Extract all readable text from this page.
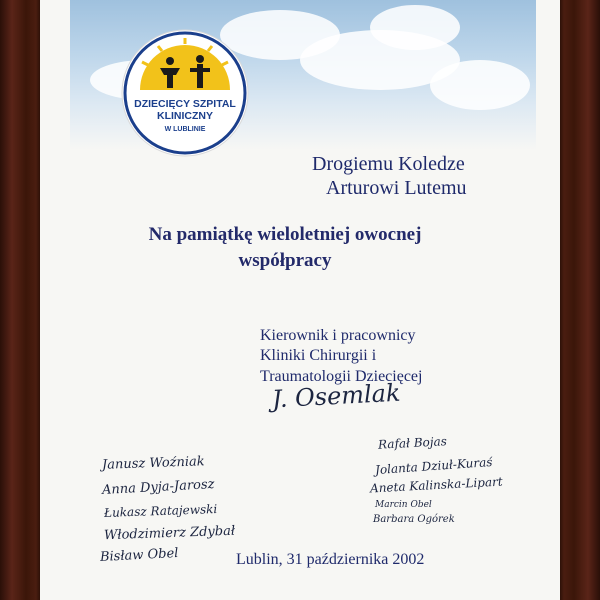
DZIECIĘCY SZPITAL
KLINICZNY
W LUBLINIE
Drogiemu Koledze
Arturowi Lutemu
Na pamiątkę wieloletniej owocnej
współpracy
Kierownik i pracownicy
Kliniki Chirurgii i
Traumatologii Dziecięcej
J. Osemlak
Janusz Woźniak
Anna Dyja-Jarosz
Łukasz Ratajewski
Włodzimierz Zdybał
Bisław Obel
Rafał Bojas
Jolanta Dziuł-Kuraś
Aneta Kalinska-Lipart
Marcin Obel
Barbara Ogórek
Lublin, 31 października 2002
